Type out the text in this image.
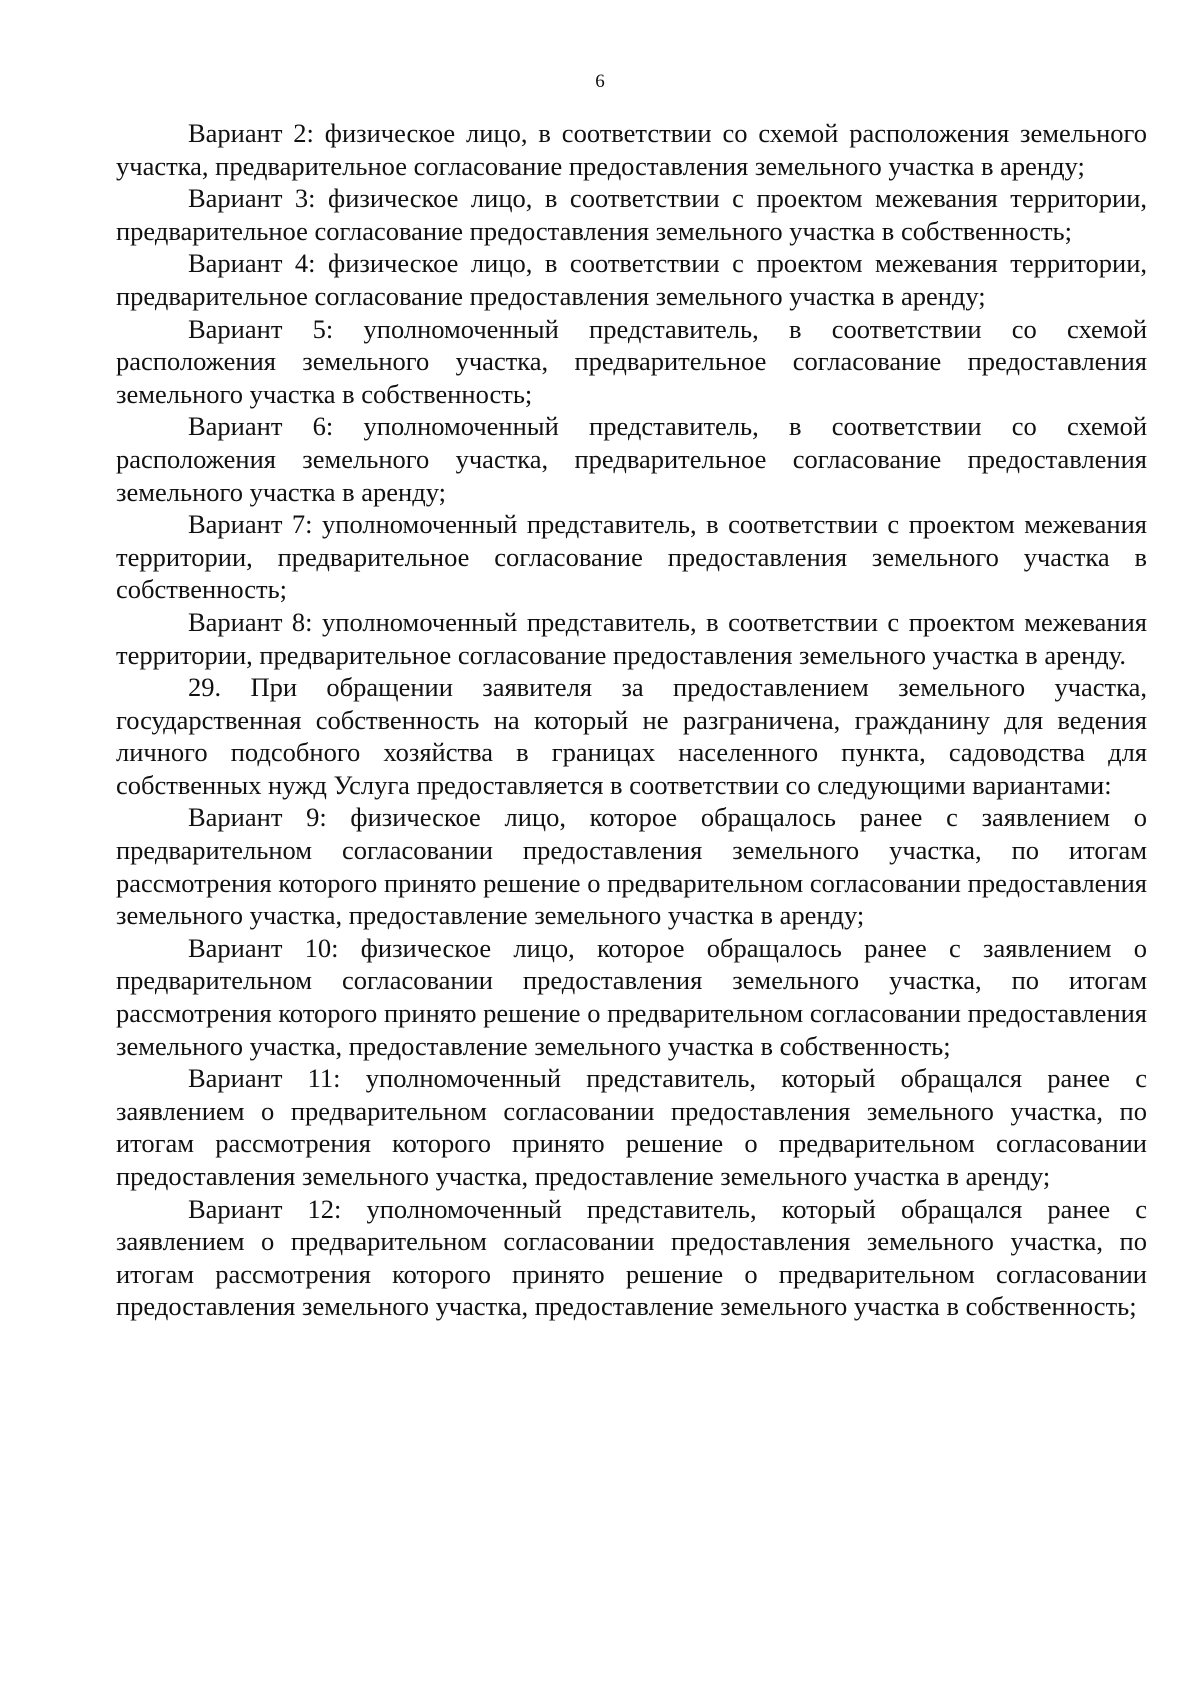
6

Вариант 2: физическое лицо, в соответствии со схемой расположения земельного участка, предварительное согласование предоставления земельного участка в аренду;

Вариант 3: физическое лицо, в соответствии с проектом межевания территории, предварительное согласование предоставления земельного участка в собственность;

Вариант 4: физическое лицо, в соответствии с проектом межевания территории, предварительное согласование предоставления земельного участка в аренду;

Вариант 5: уполномоченный представитель, в соответствии со схемой расположения земельного участка, предварительное согласование предоставления земельного участка в собственность;

Вариант 6: уполномоченный представитель, в соответствии со схемой расположения земельного участка, предварительное согласование предоставления земельного участка в аренду;

Вариант 7: уполномоченный представитель, в соответствии с проектом межевания территории, предварительное согласование предоставления земельного участка в собственность;

Вариант 8: уполномоченный представитель, в соответствии с проектом межевания территории, предварительное согласование предоставления земельного участка в аренду.

29. При обращении заявителя за предоставлением земельного участка, государственная собственность на который не разграничена, гражданину для ведения личного подсобного хозяйства в границах населенного пункта, садоводства для собственных нужд Услуга предоставляется в соответствии со следующими вариантами:

Вариант 9: физическое лицо, которое обращалось ранее с заявлением о предварительном согласовании предоставления земельного участка, по итогам рассмотрения которого принято решение о предварительном согласовании предоставления земельного участка, предоставление земельного участка в аренду;

Вариант 10: физическое лицо, которое обращалось ранее с заявлением о предварительном согласовании предоставления земельного участка, по итогам рассмотрения которого принято решение о предварительном согласовании предоставления земельного участка, предоставление земельного участка в собственность;

Вариант 11: уполномоченный представитель, который обращался ранее с заявлением о предварительном согласовании предоставления земельного участка, по итогам рассмотрения которого принято решение о предварительном согласовании предоставления земельного участка, предоставление земельного участка в аренду;

Вариант 12: уполномоченный представитель, который обращался ранее с заявлением о предварительном согласовании предоставления земельного участка, по итогам рассмотрения которого принято решение о предварительном согласовании предоставления земельного участка, предоставление земельного участка в собственность;
